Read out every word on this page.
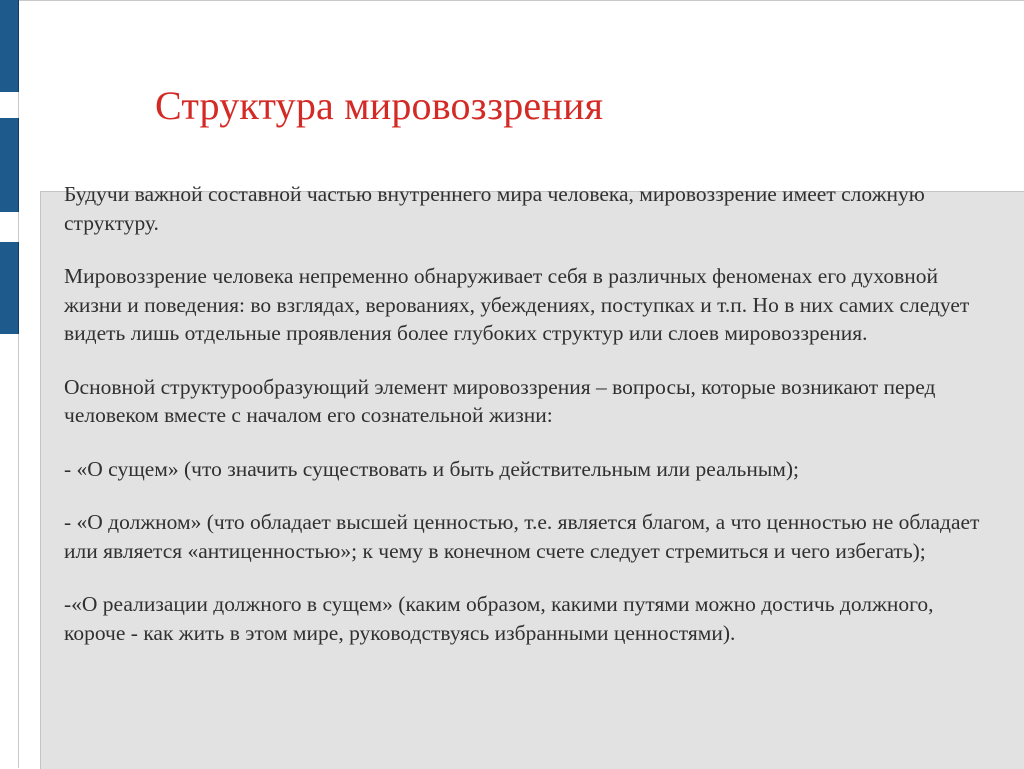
Структура мировоззрения

Будучи важной составной частью внутреннего мира человека, мировоззрение имеет сложную структуру.

Мировоззрение человека непременно обнаруживает себя в различных феноменах его духовной жизни и поведения: во взглядах, верованиях, убеждениях, поступках и т.п. Но в них самих следует видеть лишь отдельные проявления более глубоких структур или слоев мировоззрения.

Основной структурообразующий элемент мировоззрения – вопросы, которые возникают перед человеком вместе с началом его сознательной жизни:

- «О сущем» (что значить существовать и быть действительным или реальным);

- «О должном» (что обладает высшей ценностью, т.е. является благом, а что ценностью не обладает или является «антиценностью»; к чему в конечном счете следует стремиться и чего избегать);

-«О реализации должного в сущем» (каким образом, какими путями можно достичь должного, короче - как жить в этом мире, руководствуясь избранными ценностями).
